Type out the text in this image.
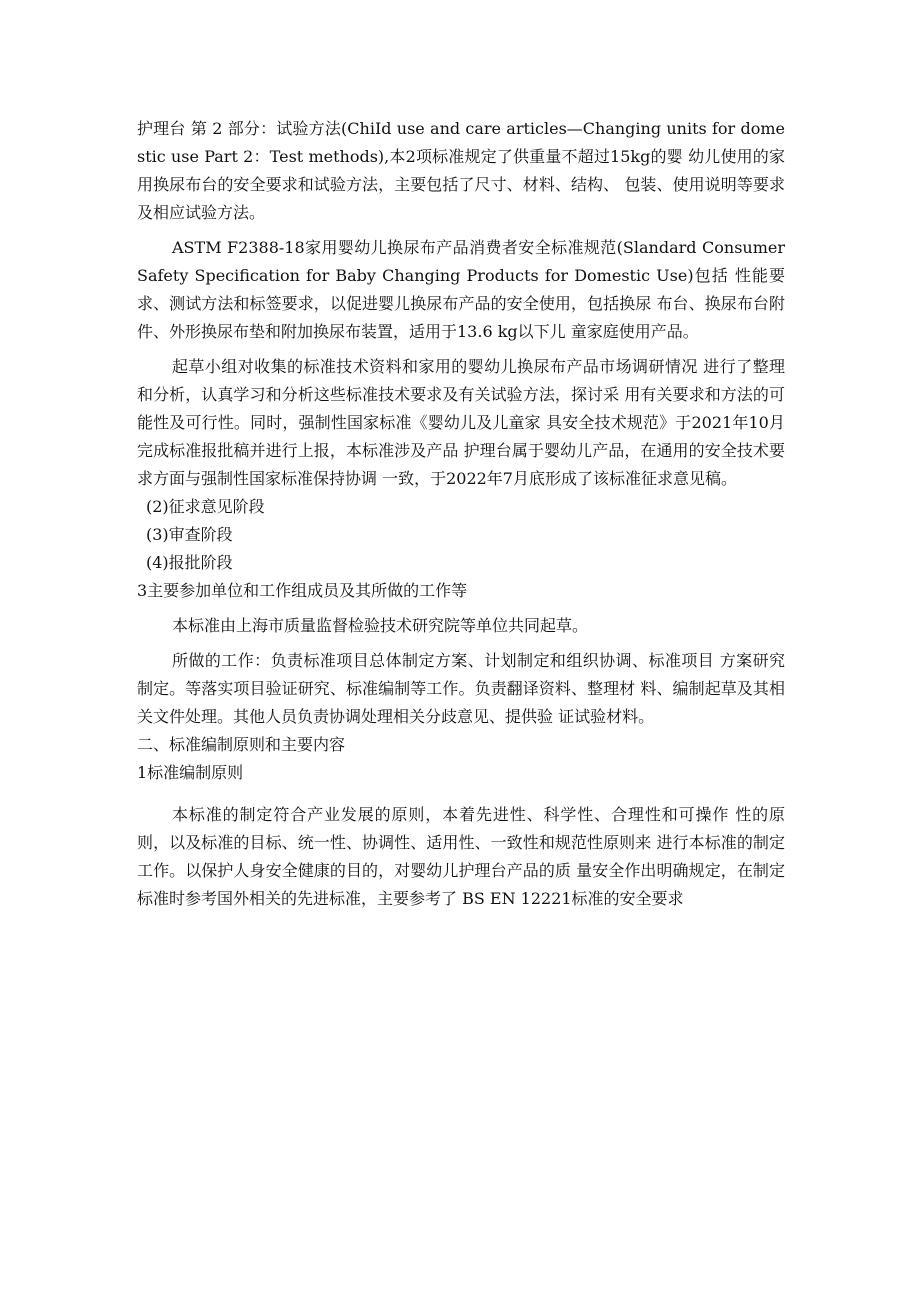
护理台 第 2 部分：试验方法(ChiId use and care articles—Changing units for domestic use Part 2：Test methods),本2项标准规定了供重量不超过15kg的婴 幼儿使用的家用换尿布台的安全要求和试验方法，主要包括了尺寸、材料、结构、 包装、使用说明等要求及相应试验方法。

ASTM F2388-18家用婴幼儿换尿布产品消费者安全标准规范(Slandard Consumer Safety Specification for Baby Changing Products for Domestic Use)包括 性能要求、测试方法和标签要求，以促进婴儿换尿布产品的安全使用，包括换尿 布台、换尿布台附件、外形换尿布垫和附加换尿布装置，适用于13.6 kg以下儿 童家庭使用产品。

起草小组对收集的标准技术资料和家用的婴幼儿换尿布产品市场调研情况 进行了整理和分析，认真学习和分析这些标准技术要求及有关试验方法，探讨采 用有关要求和方法的可能性及可行性。同时，强制性国家标准《婴幼儿及儿童家 具安全技术规范》于2021年10月完成标准报批稿并进行上报，本标准涉及产品 护理台属于婴幼儿产品，在通用的安全技术要求方面与强制性国家标准保持协调 一致，于2022年7月底形成了该标准征求意见稿。

(2)征求意见阶段

(3)审查阶段

(4)报批阶段

3主要参加单位和工作组成员及其所做的工作等

本标准由上海市质量监督检验技术研究院等单位共同起草。

所做的工作：负责标准项目总体制定方案、计划制定和组织协调、标准项目 方案研究制定。等落实项目验证研究、标准编制等工作。负责翻译资料、整理材 料、编制起草及其相关文件处理。其他人员负责协调处理相关分歧意见、提供验 证试验材料。

二、标准编制原则和主要内容

1标准编制原则

本标准的制定符合产业发展的原则，本着先进性、科学性、合理性和可操作 性的原则，以及标准的目标、统一性、协调性、适用性、一致性和规范性原则来 进行本标准的制定工作。以保护人身安全健康的目的，对婴幼儿护理台产品的质 量安全作出明确规定，在制定标准时参考国外相关的先进标准，主要参考了 BS EN 12221标准的安全要求
